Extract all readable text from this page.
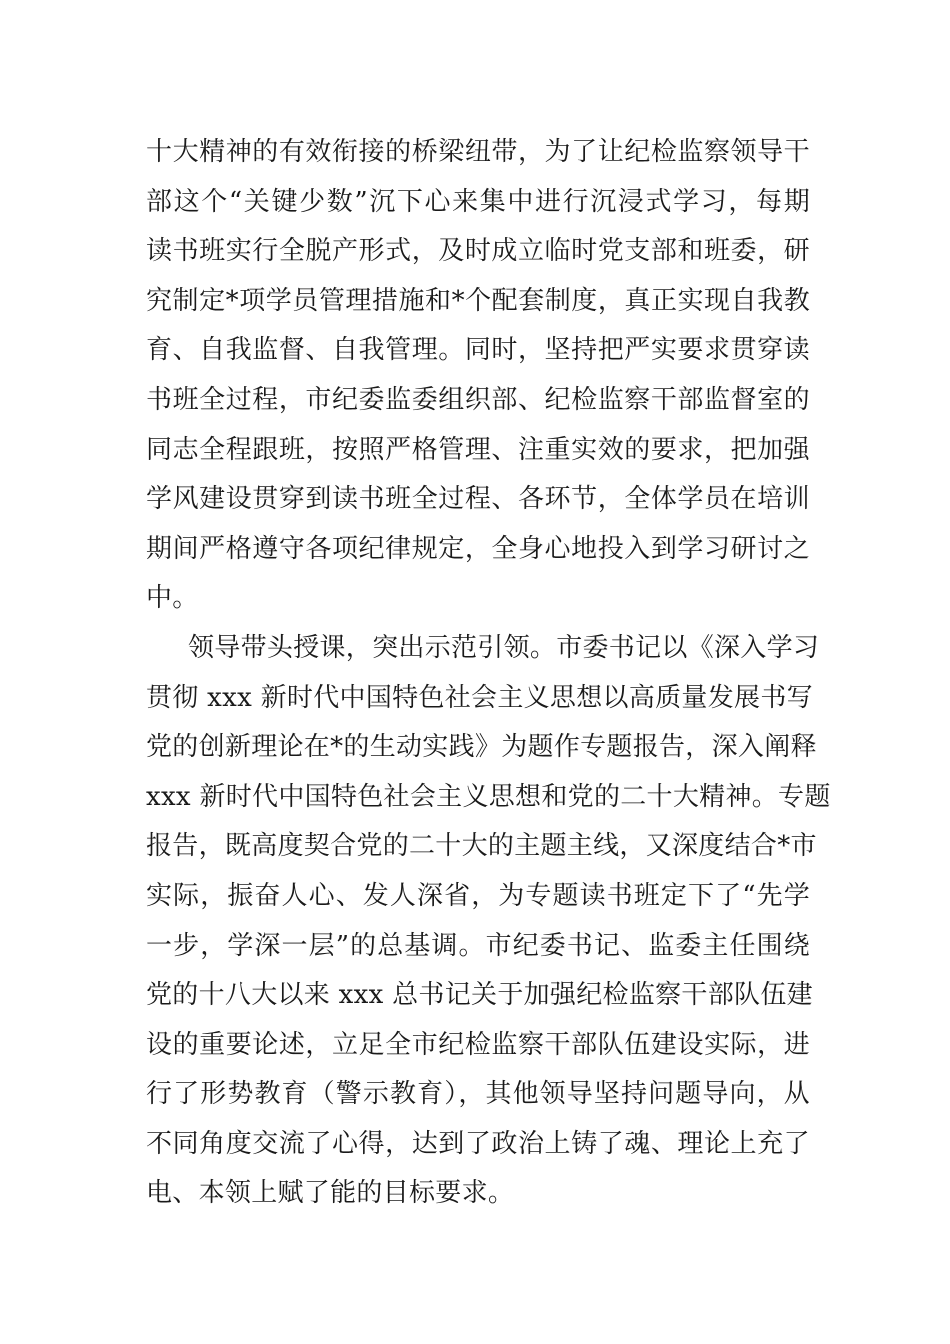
十大精神的有效衔接的桥梁纽带，为了让纪检监察领导干
部这个“关键少数”沉下心来集中进行沉浸式学习，每期
读书班实行全脱产形式，及时成立临时党支部和班委，研
究制定*项学员管理措施和*个配套制度，真正实现自我教
育、自我监督、自我管理。同时，坚持把严实要求贯穿读
书班全过程，市纪委监委组织部、纪检监察干部监督室的
同志全程跟班，按照严格管理、注重实效的要求，把加强
学风建设贯穿到读书班全过程、各环节，全体学员在培训
期间严格遵守各项纪律规定，全身心地投入到学习研讨之
中。
领导带头授课，突出示范引领。市委书记以《深入学习
贯彻 xxx 新时代中国特色社会主义思想以高质量发展书写
党的创新理论在*的生动实践》为题作专题报告，深入阐释
xxx 新时代中国特色社会主义思想和党的二十大精神。专题
报告，既高度契合党的二十大的主题主线，又深度结合*市
实际，振奋人心、发人深省，为专题读书班定下了“先学
一步，学深一层”的总基调。市纪委书记、监委主任围绕
党的十八大以来 xxx 总书记关于加强纪检监察干部队伍建
设的重要论述，立足全市纪检监察干部队伍建设实际，进
行了形势教育（警示教育），其他领导坚持问题导向，从
不同角度交流了心得，达到了政治上铸了魂、理论上充了
电、本领上赋了能的目标要求。
